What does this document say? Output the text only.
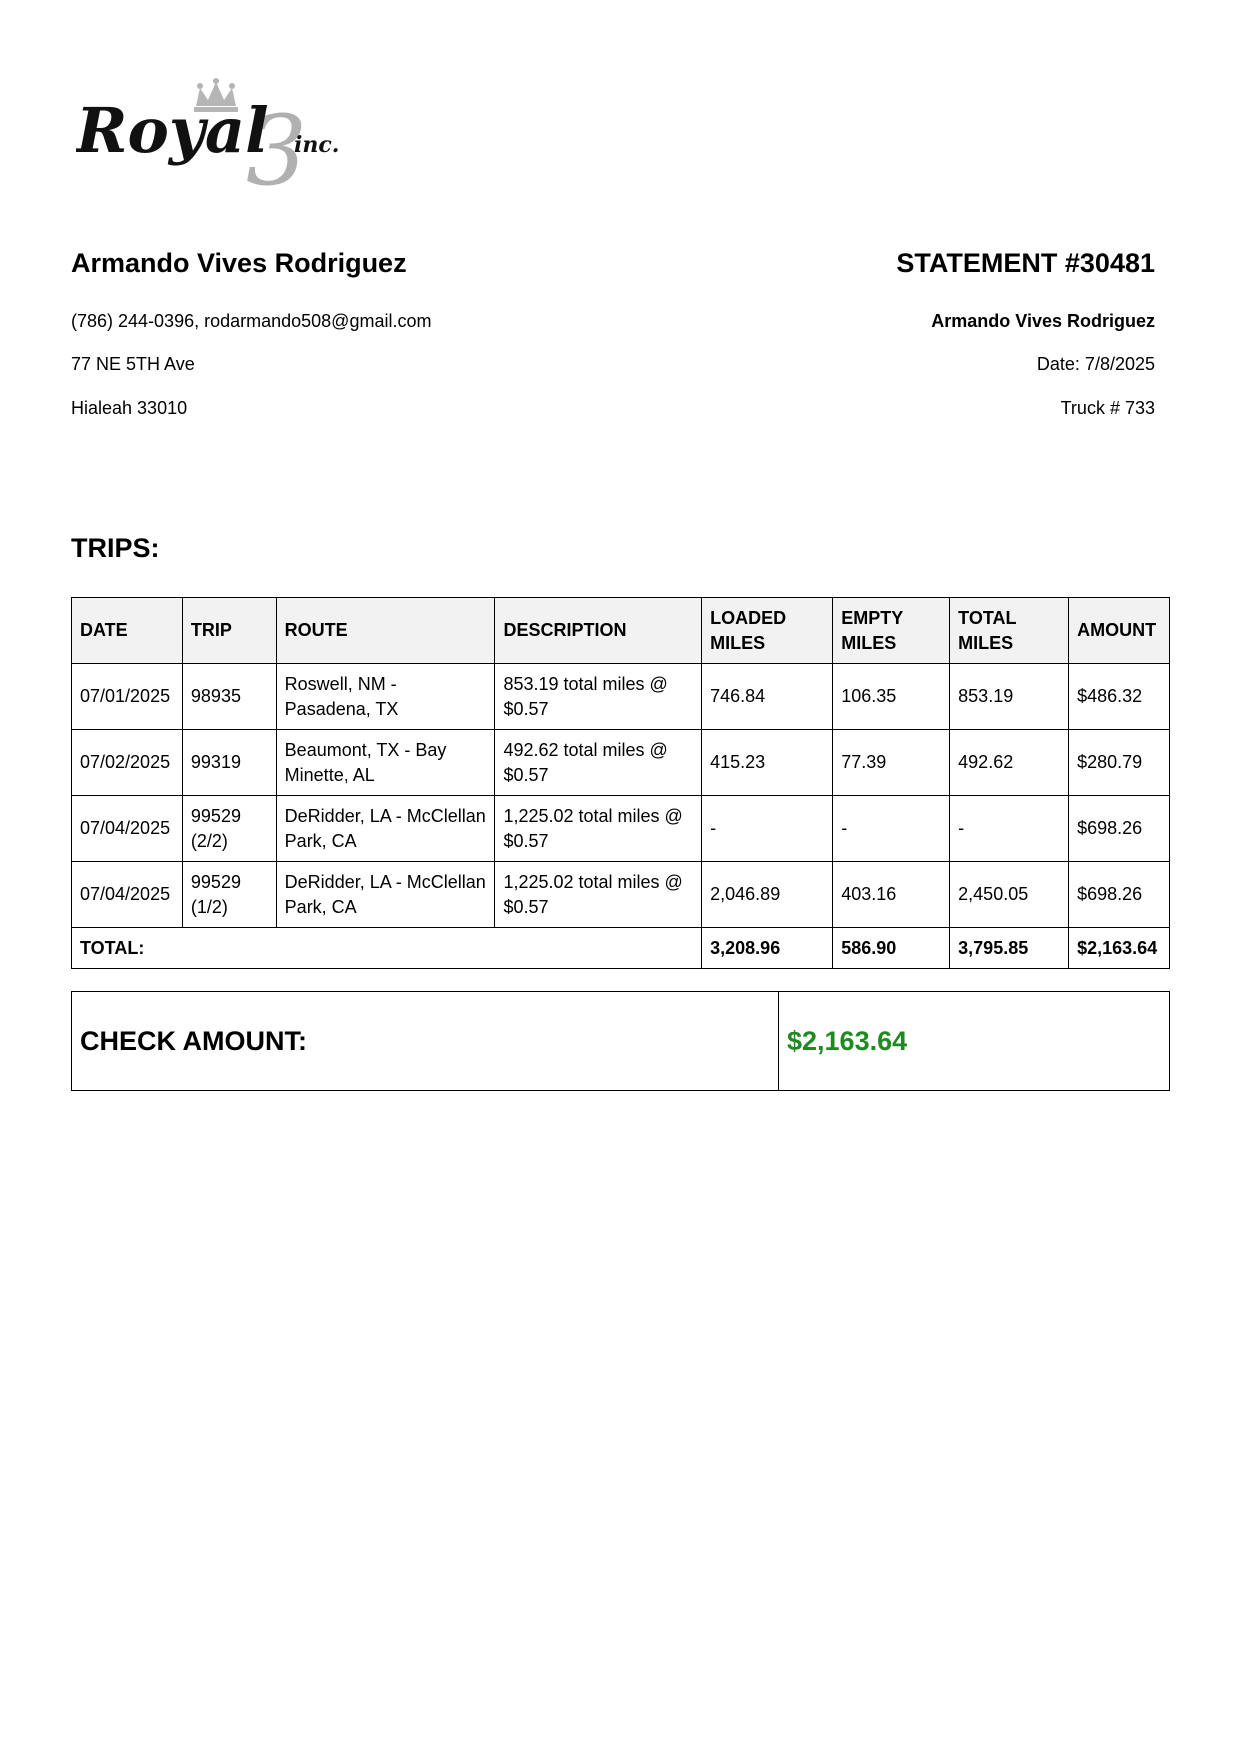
3
Royal inc.
Armando Vives Rodriguez	STATEMENT #30481
(786) 244-0396, rodarmando508@gmail.com
77 NE 5TH Ave
Hialeah 33010
Armando Vives Rodriguez
Date: 7/8/2025
Truck # 733
TRIPS:
DATE	TRIP	ROUTE	DESCRIPTION	LOADED MILES	EMPTY MILES	TOTAL MILES	AMOUNT
07/01/2025	98935	Roswell, NM - Pasadena, TX	853.19 total miles @ $0.57	746.84	106.35	853.19	$486.32
07/02/2025	99319	Beaumont, TX - Bay Minette, AL	492.62 total miles @ $0.57	415.23	77.39	492.62	$280.79
07/04/2025	99529 (2/2)	DeRidder, LA - McClellan Park, CA	1,225.02 total miles @ $0.57	-	-	-	$698.26
07/04/2025	99529 (1/2)	DeRidder, LA - McClellan Park, CA	1,225.02 total miles @ $0.57	2,046.89	403.16	2,450.05	$698.26
TOTAL:				3,208.96	586.90	3,795.85	$2,163.64
CHECK AMOUNT:	$2,163.64
